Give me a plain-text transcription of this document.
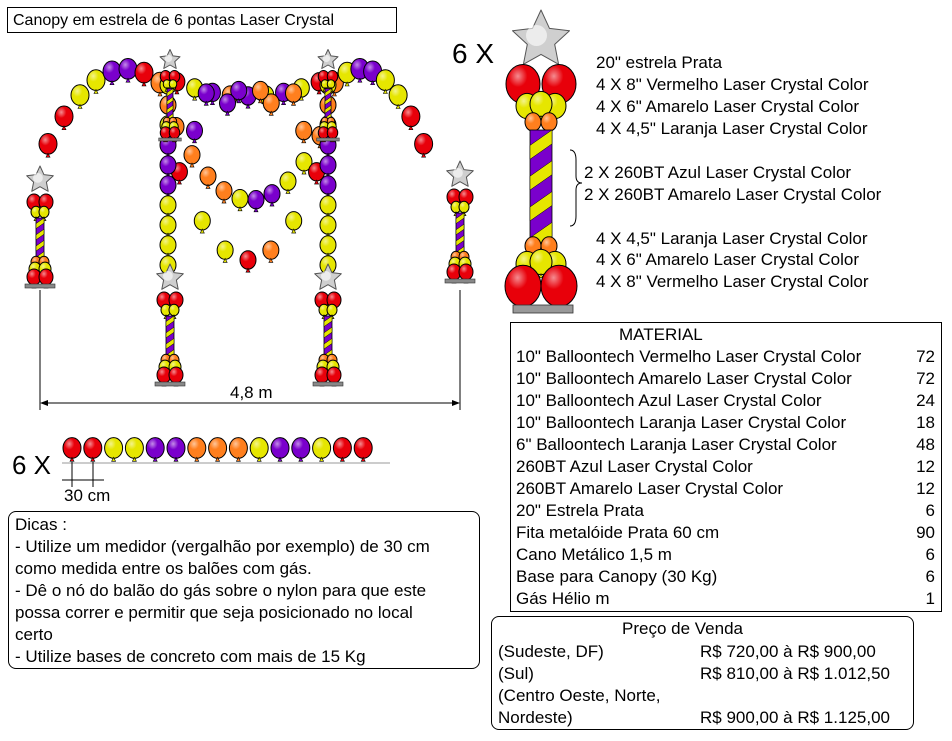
Canopy em estrela de 6 pontas Laser Crystal
6 X	20" estrela Prata
4 X 8" Vermelho Laser Crystal Color
4 X 6" Amarelo Laser Crystal Color
4 X 4,5" Laranja Laser Crystal Color
2 X 260BT Azul Laser Crystal Color
2 X 260BT Amarelo Laser Crystal Color
4 X 4,5" Laranja Laser Crystal Color
4 X 6" Amarelo Laser Crystal Color
4 X 8" Vermelho Laser Crystal Color
4,8 m
6 X
30 cm
MATERIAL
10" Balloontech Vermelho Laser Crystal Color	72
10" Balloontech Amarelo Laser Crystal Color	72
10" Balloontech Azul Laser Crystal Color	24
10" Balloontech Laranja Laser Crystal Color	18
6" Balloontech Laranja Laser Crystal Color	48
260BT Azul Laser Crystal Color	12
260BT Amarelo Laser Crystal Color	12
20" Estrela Prata	6
Fita metalóide Prata 60 cm	90
Cano Metálico 1,5 m	6
Base para Canopy (30 Kg)	6
Gás Hélio m	1
Dicas :
- Utilize um medidor (vergalhão por exemplo) de 30 cm
como medida entre os balões com gás.
- Dê o nó do balão do gás sobre o nylon para que este
possa correr e permitir que seja posicionado no local
certo
- Utilize bases de concreto com mais de 15 Kg
Preço de Venda
(Sudeste, DF)	R$ 720,00 à R$ 900,00
(Sul)	R$ 810,00 à R$ 1.012,50
(Centro Oeste, Norte,
Nordeste)	R$ 900,00 à R$ 1.125,00
